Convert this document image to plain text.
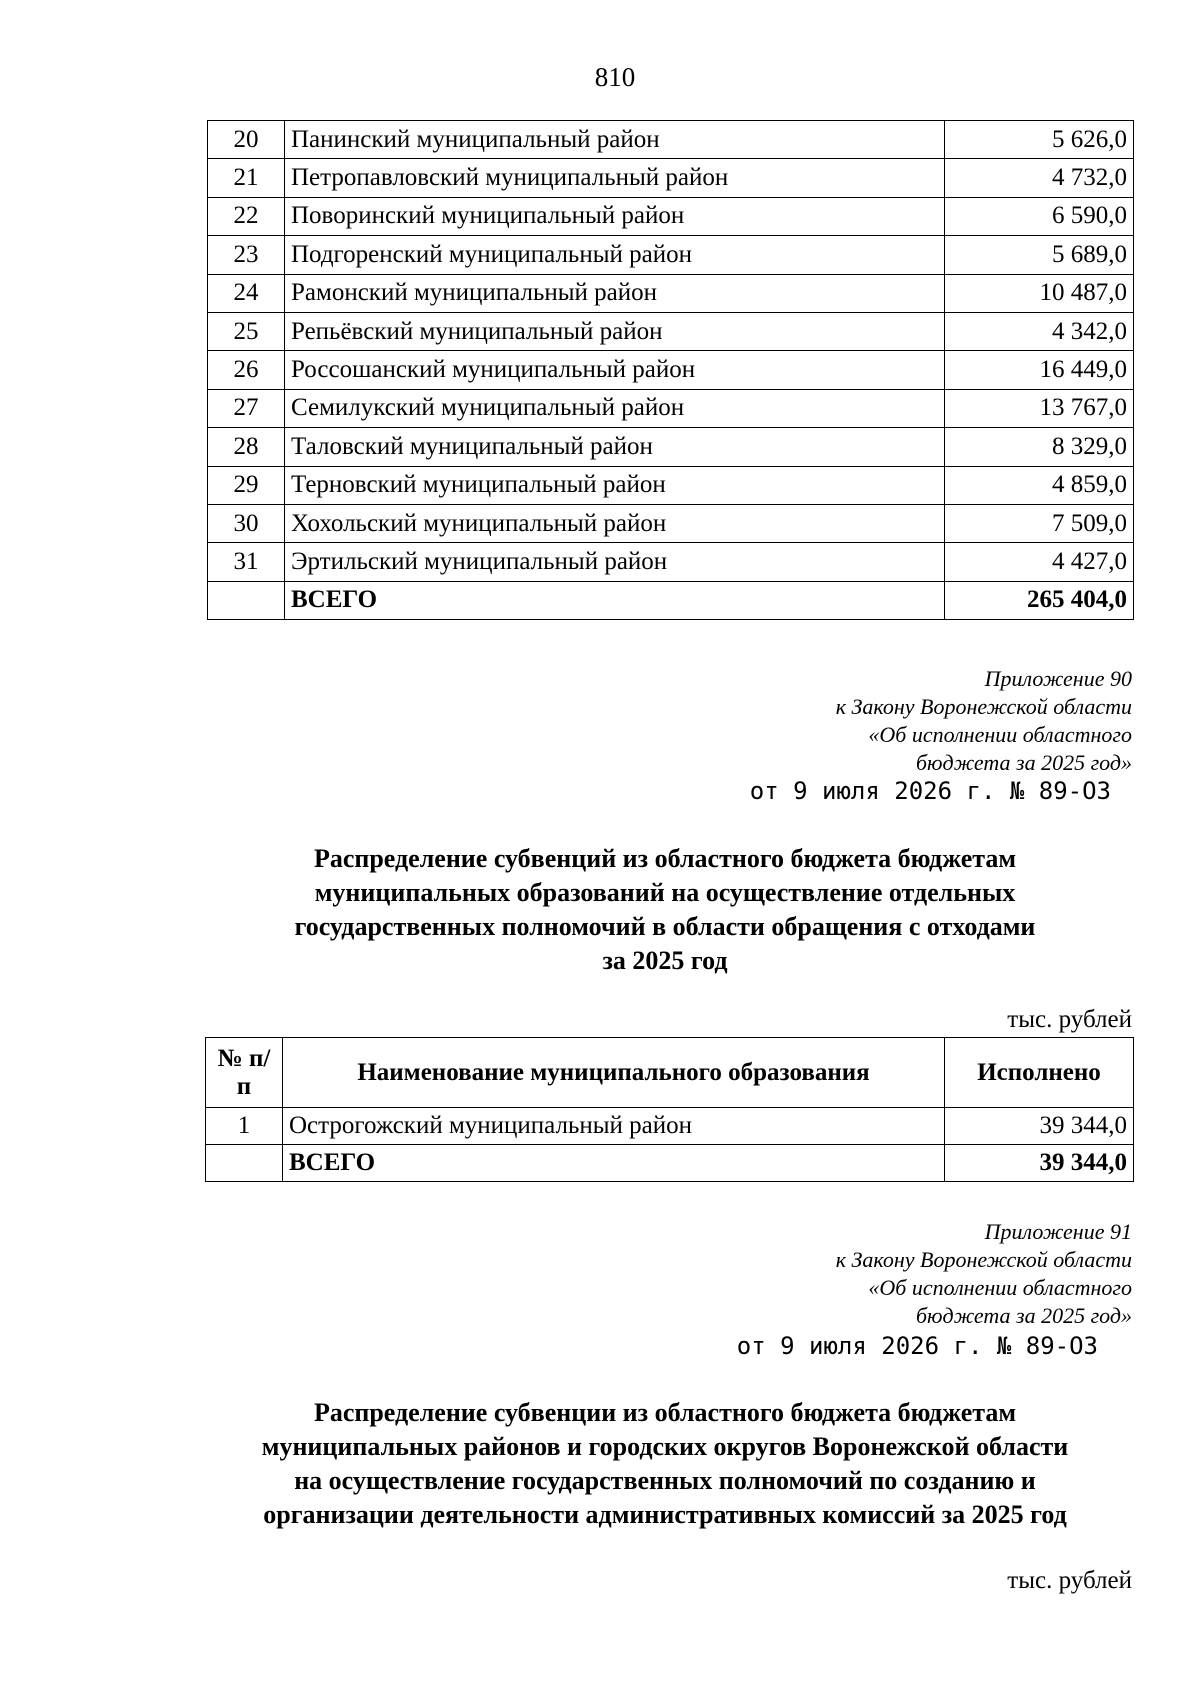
810
20	Панинский муниципальный район	5 626,0
21	Петропавловский муниципальный район	4 732,0
22	Поворинский муниципальный район	6 590,0
23	Подгоренский муниципальный район	5 689,0
24	Рамонский муниципальный район	10 487,0
25	Репьёвский муниципальный район	4 342,0
26	Россошанский муниципальный район	16 449,0
27	Семилукский муниципальный район	13 767,0
28	Таловский муниципальный район	8 329,0
29	Терновский муниципальный район	4 859,0
30	Хохольский муниципальный район	7 509,0
31	Эртильский муниципальный район	4 427,0
	ВСЕГО	265 404,0
Приложение 90
к Закону Воронежской области
«Об исполнении областного
бюджета за 2025 год»
от 9 июля 2026 г. № 89-ОЗ
Распределение субвенций из областного бюджета бюджетам
муниципальных образований на осуществление отдельных
государственных полномочий в области обращения с отходами
за 2025 год
тыс. рублей
№ п/п	Наименование муниципального образования	Исполнено
1	Острогожский муниципальный район	39 344,0
	ВСЕГО	39 344,0
Приложение 91
к Закону Воронежской области
«Об исполнении областного
бюджета за 2025 год»
от 9 июля 2026 г. № 89-ОЗ
Распределение субвенции из областного бюджета бюджетам
муниципальных районов и городских округов Воронежской области
на осуществление государственных полномочий по созданию и
организации деятельности административных комиссий за 2025 год
тыс. рублей
